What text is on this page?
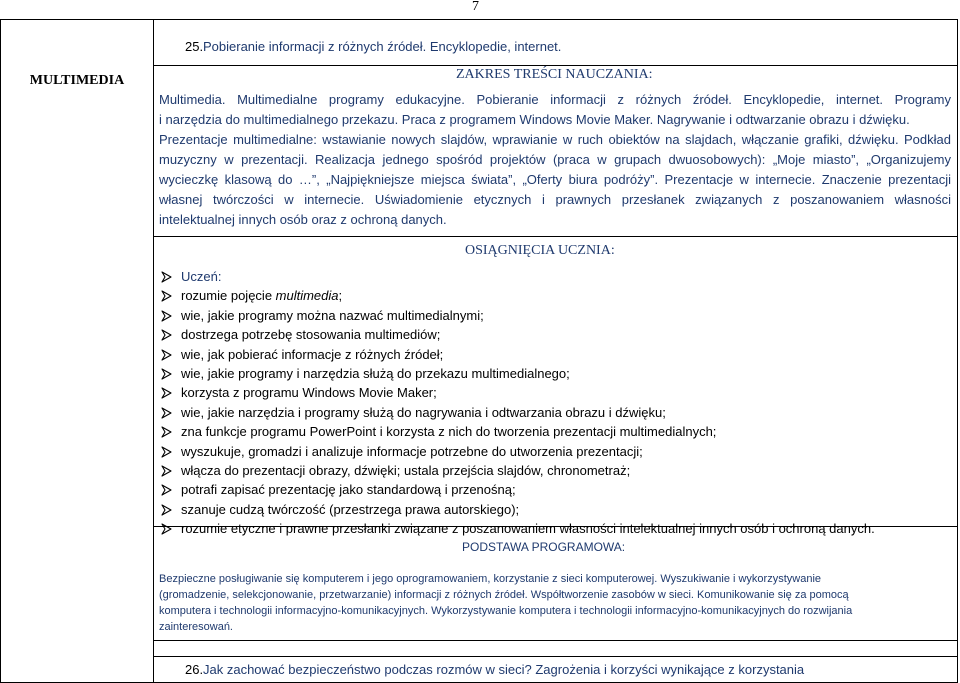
7
MULTIMEDIA
25.Pobieranie informacji z różnych źródeł. Encyklopedie, internet.
ZAKRES TREŚCI NAUCZANIA:
Multimedia. Multimedialne programy edukacyjne. Pobieranie informacji z różnych źródeł. Encyklopedie, internet. Programy
i narzędzia do multimedialnego przekazu. Praca z programem Windows Movie Maker. Nagrywanie i odtwarzanie obrazu i dźwięku.
Prezentacje multimedialne: wstawianie nowych slajdów, wprawianie w ruch obiektów na slajdach, włączanie grafiki, dźwięku. Podkład
muzyczny w prezentacji. Realizacja jednego spośród projektów (praca w grupach dwuosobowych): „Moje miasto”, „Organizujemy
wycieczkę klasową do …”, „Najpiękniejsze miejsca świata”, „Oferty biura podróży”. Prezentacje w internecie. Znaczenie prezentacji
własnej twórczości w internecie. Uświadomienie etycznych i prawnych przesłanek związanych z poszanowaniem własności
intelektualnej innych osób oraz z ochroną danych.
OSIĄGNIĘCIA UCZNIA:
Uczeń:
rozumie pojęcie multimedia;
wie, jakie programy można nazwać multimedialnymi;
dostrzega potrzebę stosowania multimediów;
wie, jak pobierać informacje z różnych źródeł;
wie, jakie programy i narzędzia służą do przekazu multimedialnego;
korzysta z programu Windows Movie Maker;
wie, jakie narzędzia i programy służą do nagrywania i odtwarzania obrazu i dźwięku;
zna funkcje programu PowerPoint i korzysta z nich do tworzenia prezentacji multimedialnych;
wyszukuje, gromadzi i analizuje informacje potrzebne do utworzenia prezentacji;
włącza do prezentacji obrazy, dźwięki; ustala przejścia slajdów, chronometraż;
potrafi zapisać prezentację jako standardową i przenośną;
szanuje cudzą twórczość (przestrzega prawa autorskiego);
rozumie etyczne i prawne przesłanki związane z poszanowaniem własności intelektualnej innych osób i ochroną danych.
PODSTAWA PROGRAMOWA:
Bezpieczne posługiwanie się komputerem i jego oprogramowaniem, korzystanie z sieci komputerowej. Wyszukiwanie i wykorzystywanie
(gromadzenie, selekcjonowanie, przetwarzanie) informacji z różnych źródeł. Współtworzenie zasobów w sieci. Komunikowanie się za pomocą
komputera i technologii informacyjno-komunikacyjnych. Wykorzystywanie komputera i technologii informacyjno-komunikacyjnych do rozwijania
zainteresowań.
26.Jak zachować bezpieczeństwo podczas rozmów w sieci? Zagrożenia i korzyści wynikające z korzystania
